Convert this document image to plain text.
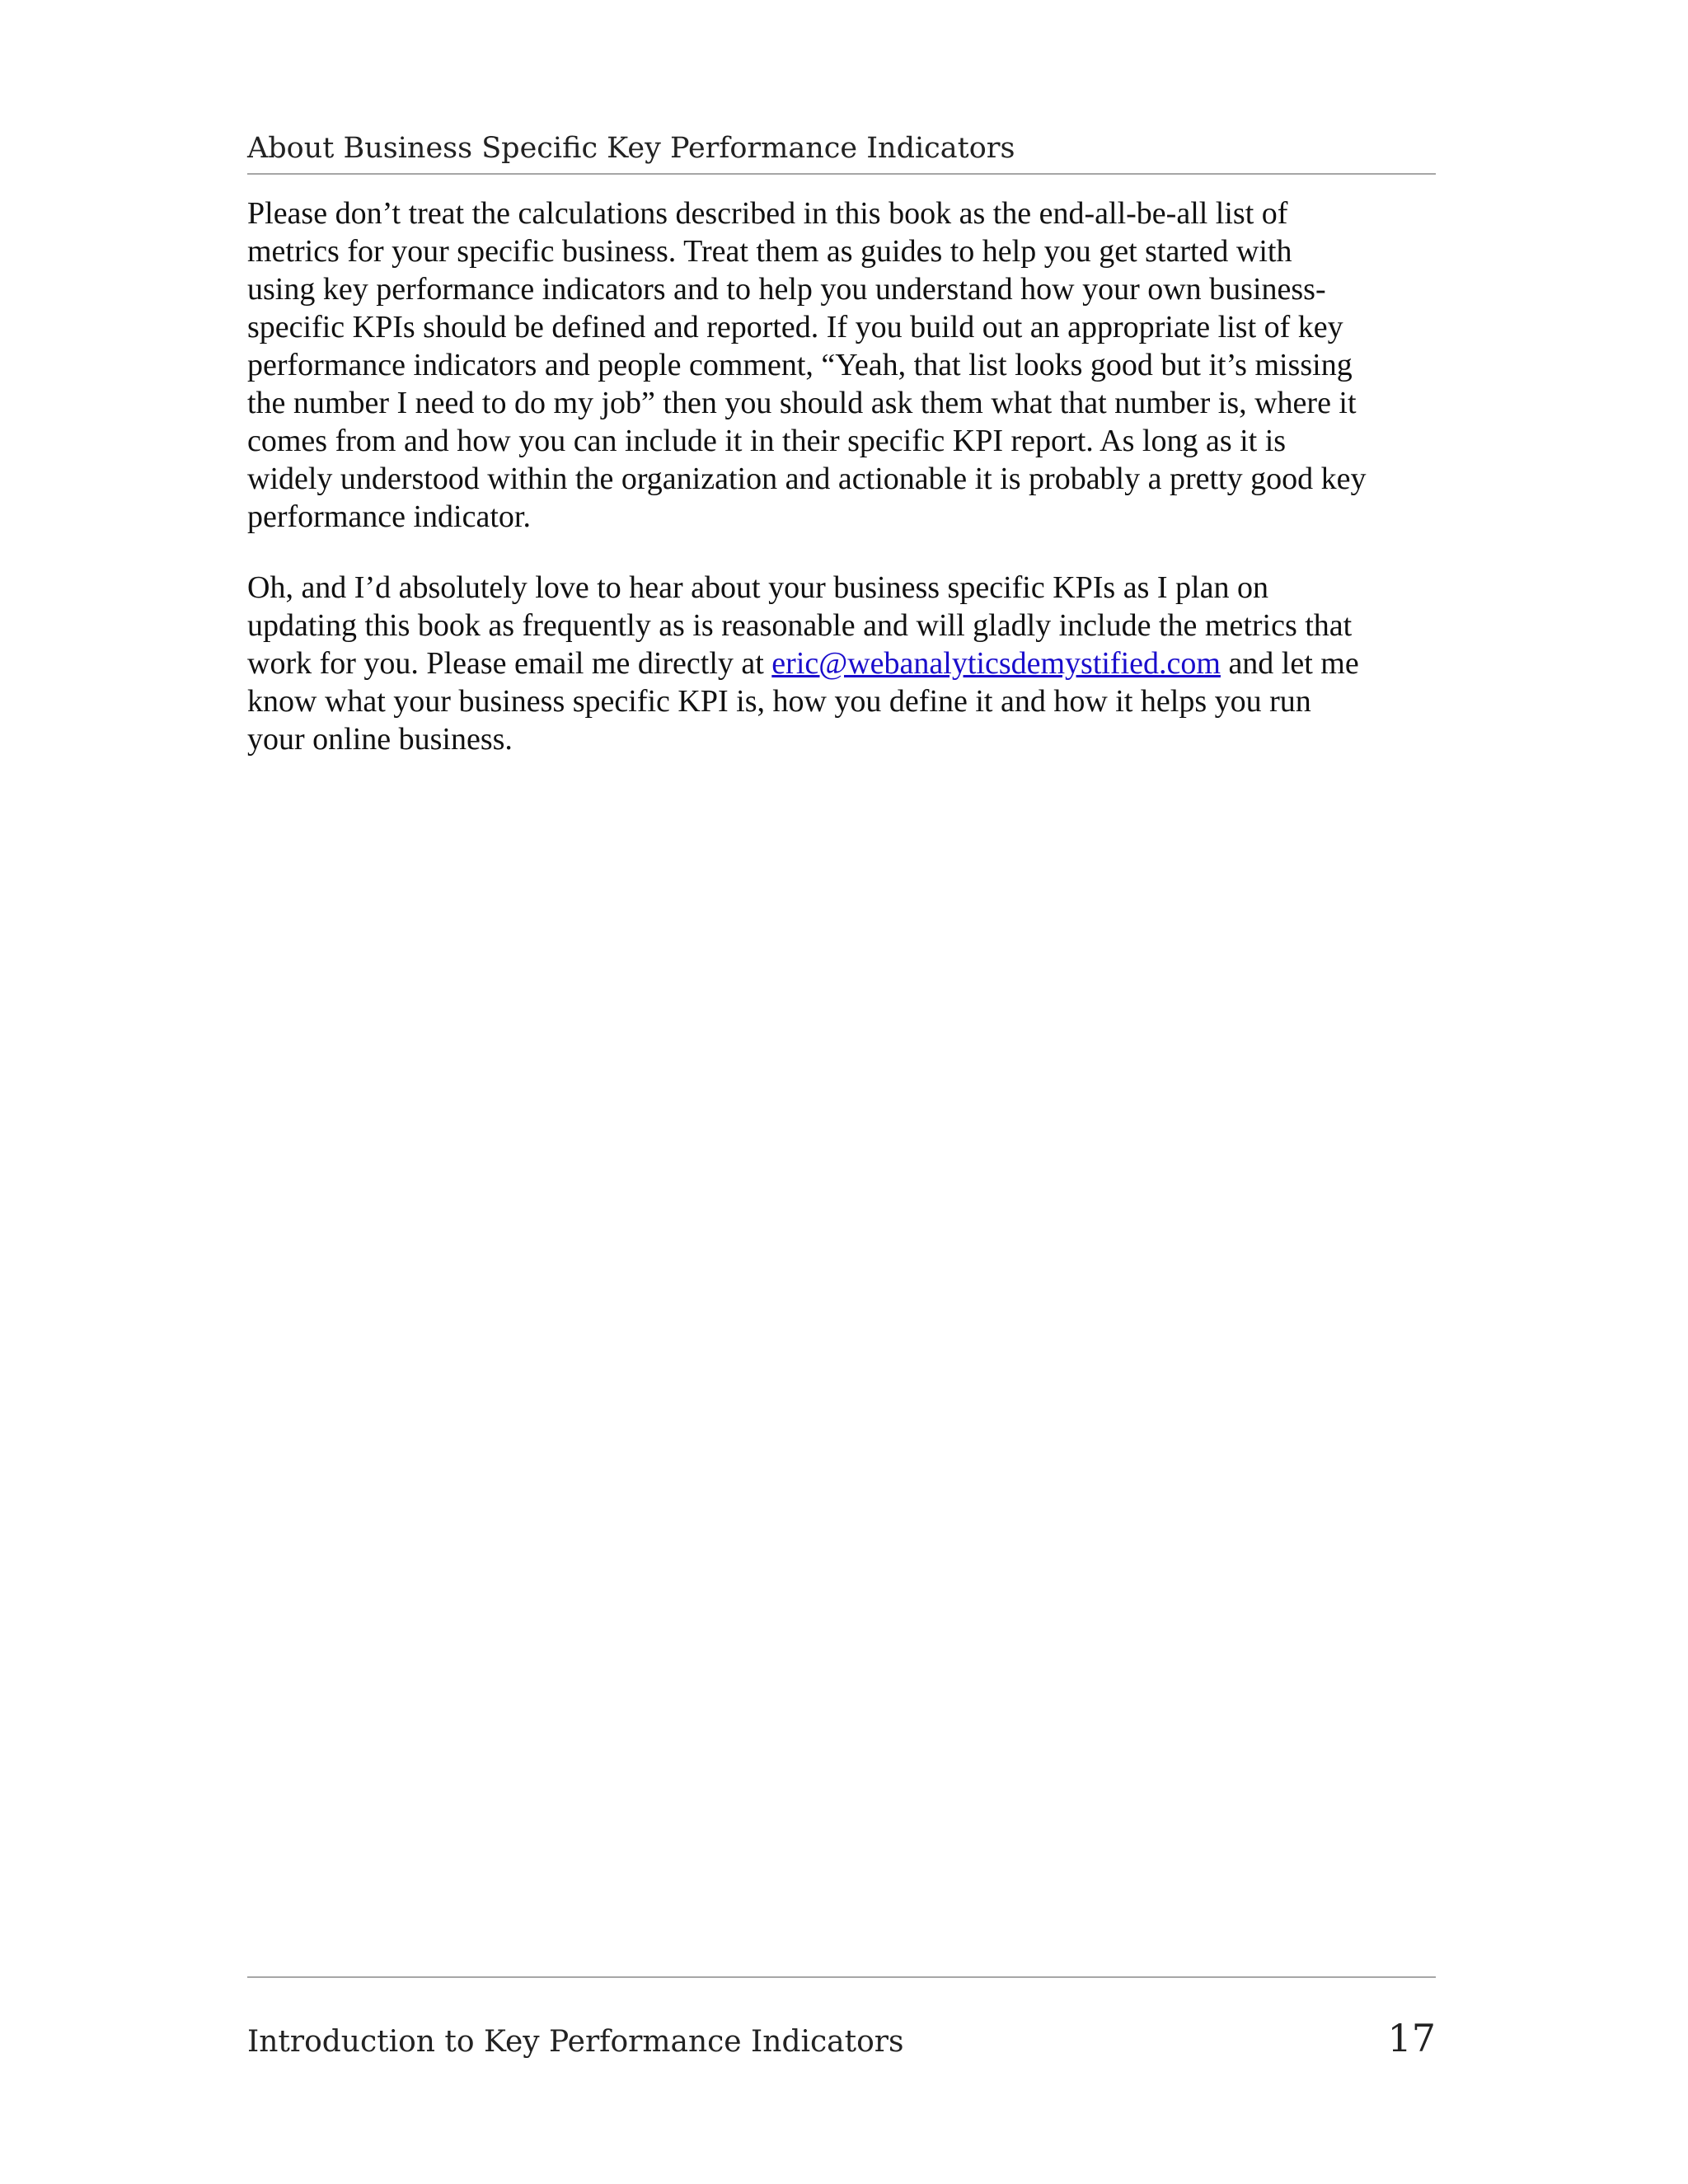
About Business Specific Key Performance Indicators

Please don’t treat the calculations described in this book as the end-all-be-all list of
metrics for your specific business. Treat them as guides to help you get started with
using key performance indicators and to help you understand how your own business-
specific KPIs should be defined and reported. If you build out an appropriate list of key
performance indicators and people comment, “Yeah, that list looks good but it’s missing
the number I need to do my job” then you should ask them what that number is, where it
comes from and how you can include it in their specific KPI report. As long as it is
widely understood within the organization and actionable it is probably a pretty good key
performance indicator.

Oh, and I’d absolutely love to hear about your business specific KPIs as I plan on
updating this book as frequently as is reasonable and will gladly include the metrics that
work for you. Please email me directly at eric@webanalyticsdemystified.com and let me
know what your business specific KPI is, how you define it and how it helps you run
your online business.

Introduction to Key Performance Indicators	17
